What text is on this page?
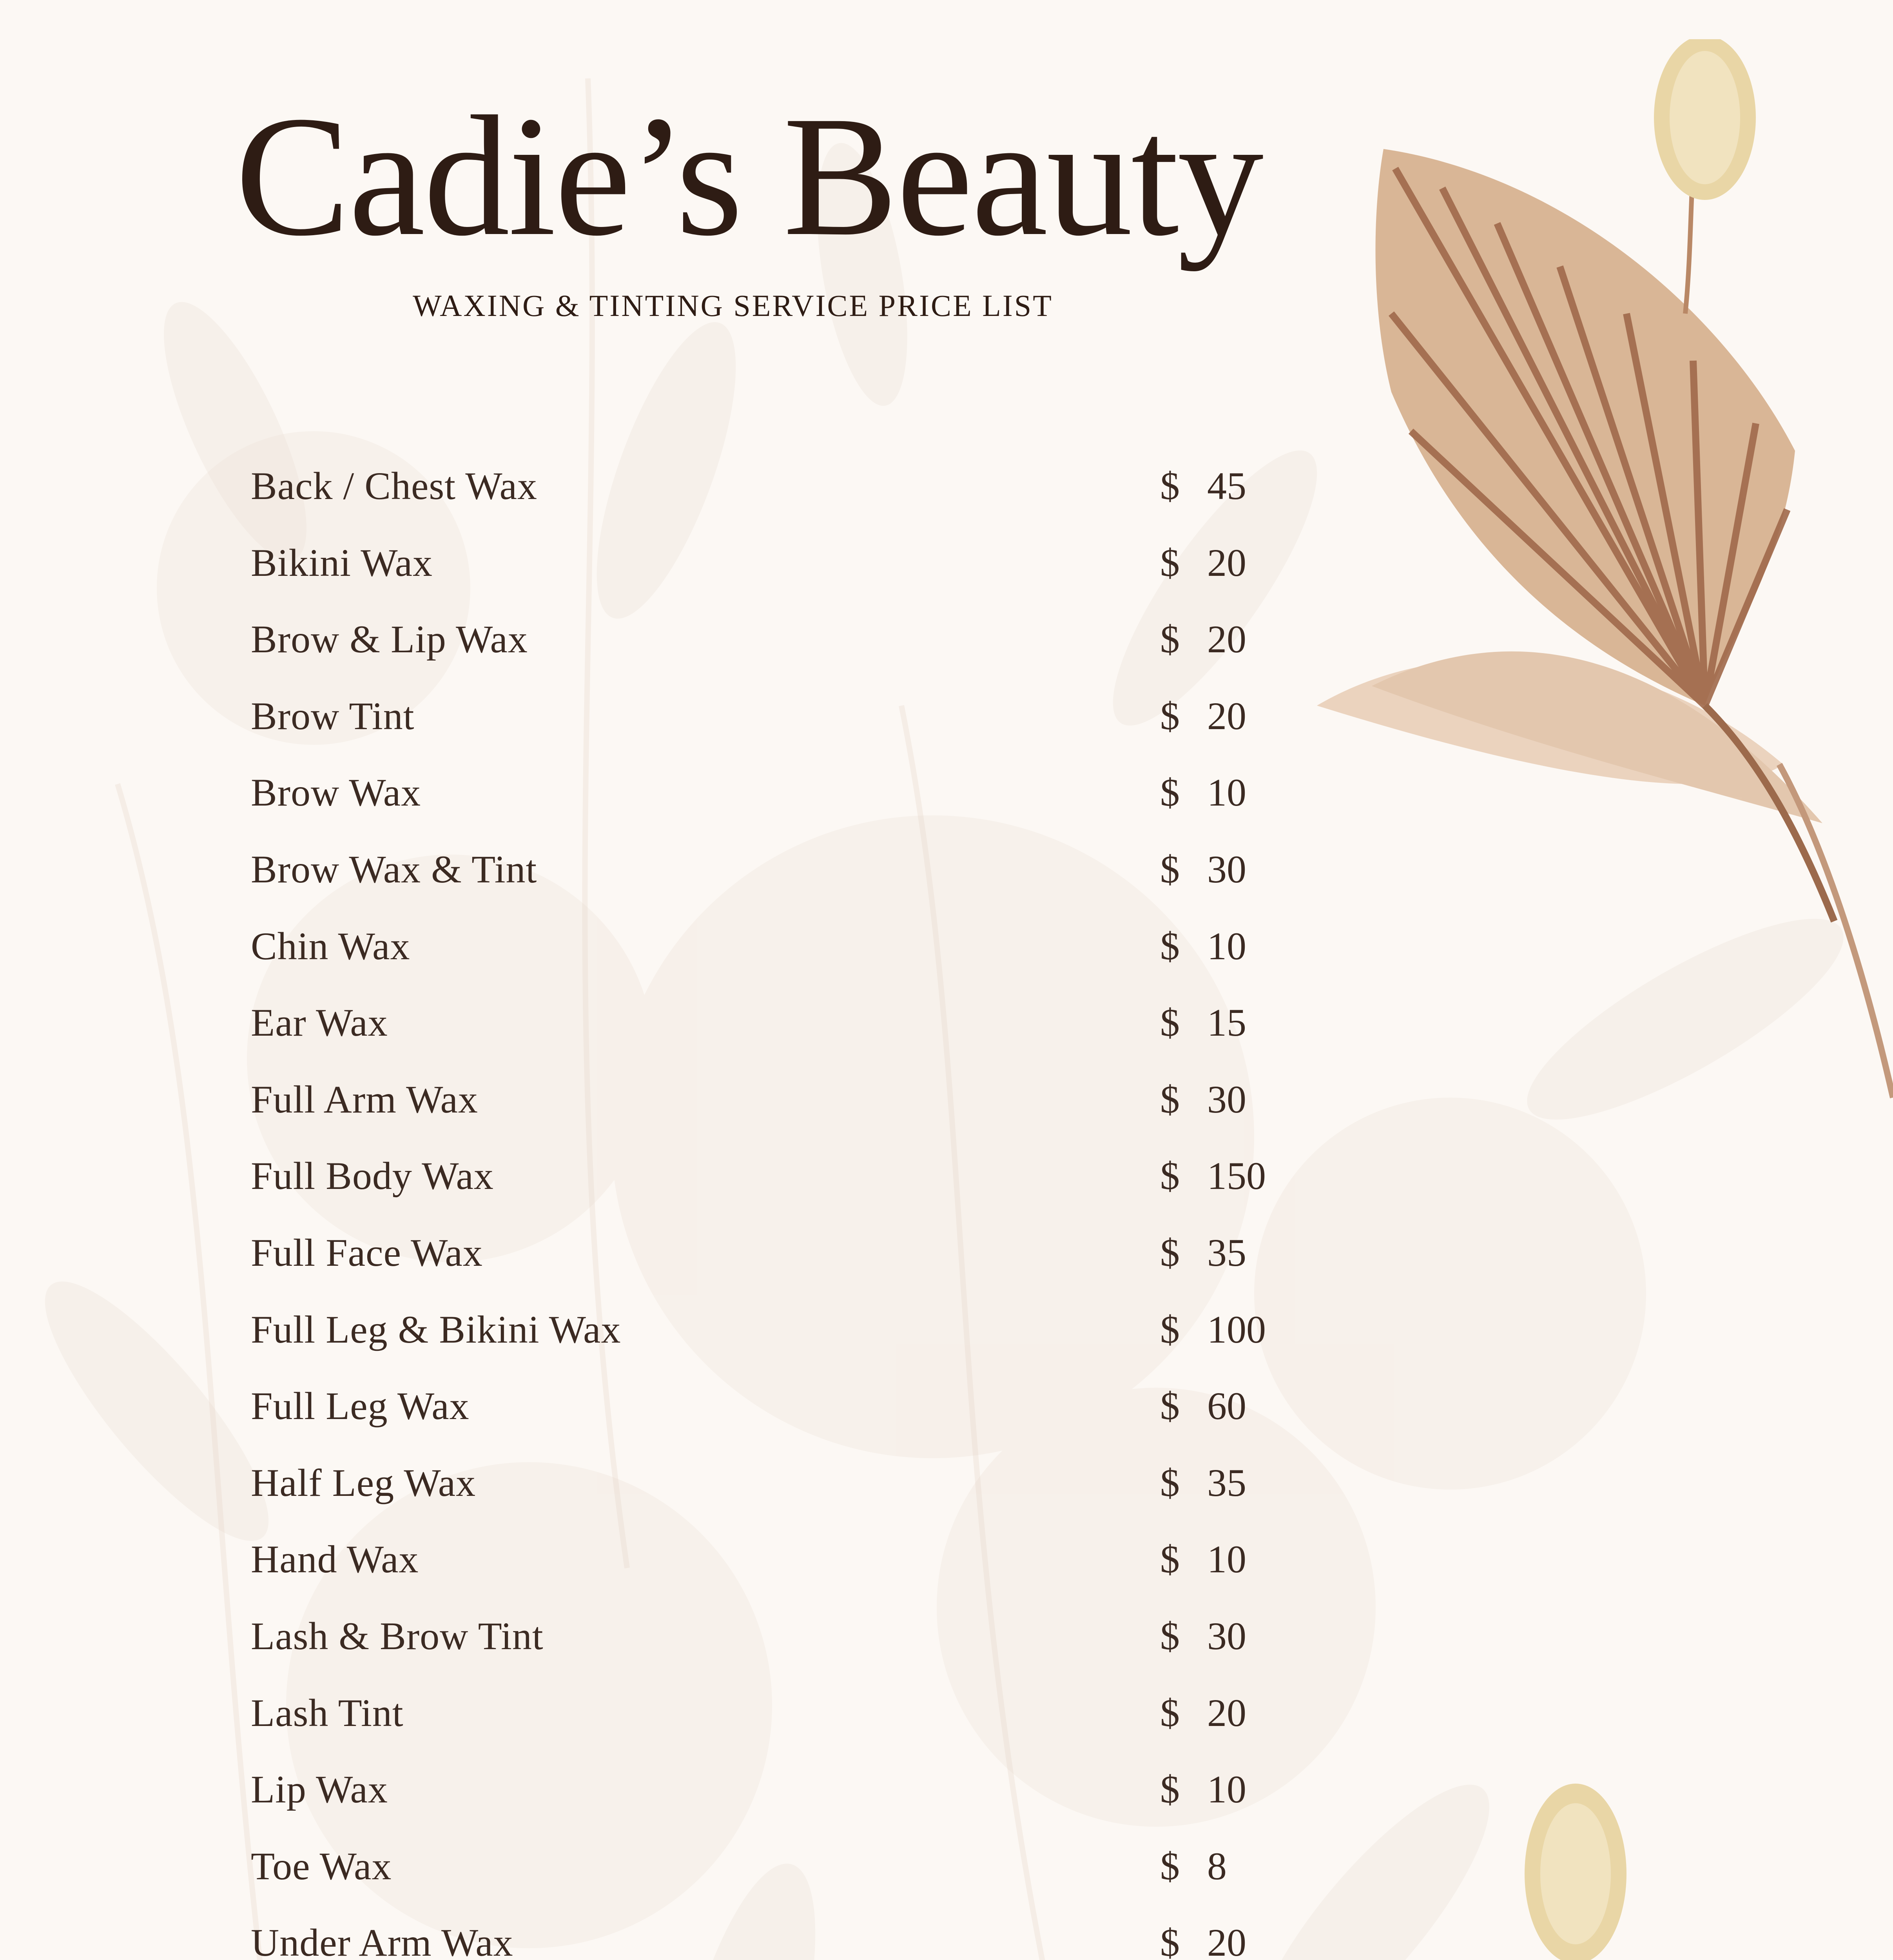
Cadie’s Beauty
WAXING & TINTING SERVICE PRICE LIST
Back / Chest Wax	$ 45
Bikini Wax	$ 20
Brow & Lip Wax	$ 20
Brow Tint	$ 20
Brow Wax	$ 10
Brow Wax & Tint	$ 30
Chin Wax	$ 10
Ear Wax	$ 15
Full Arm Wax	$ 30
Full Body Wax	$ 150
Full Face Wax	$ 35
Full Leg & Bikini Wax	$ 100
Full Leg Wax	$ 60
Half Leg Wax	$ 35
Hand Wax	$ 10
Lash & Brow Tint	$ 30
Lash Tint	$ 20
Lip Wax	$ 10
Toe Wax	$ 8
Under Arm Wax	$ 20
